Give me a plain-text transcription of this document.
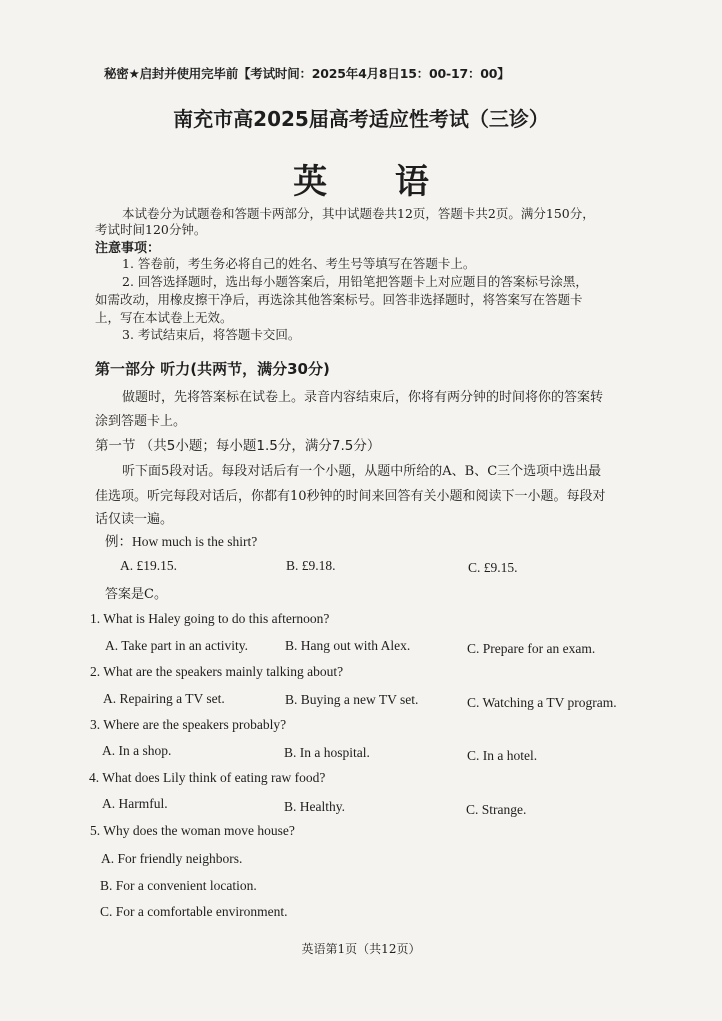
秘密★启封并使用完毕前【考试时间：2025年4月8日15：00-17：00】
南充市高2025届高考适应性考试（三诊）
英 语
本试卷分为试题卷和答题卡两部分，其中试题卷共12页，答题卡共2页。满分150分，
考试时间120分钟。
注意事项：
1. 答卷前，考生务必将自己的姓名、考生号等填写在答题卡上。
2. 回答选择题时，选出每小题答案后，用铅笔把答题卡上对应题目的答案标号涂黑，
如需改动，用橡皮擦干净后，再选涂其他答案标号。回答非选择题时，将答案写在答题卡
上，写在本试卷上无效。
3. 考试结束后，将答题卡交回。
第一部分 听力(共两节，满分30分)
做题时，先将答案标在试卷上。录音内容结束后，你将有两分钟的时间将你的答案转
涂到答题卡上。
第一节 （共5小题；每小题1.5分，满分7.5分）
听下面5段对话。每段对话后有一个小题，从题中所给的A、B、C三个选项中选出最
佳选项。听完每段对话后，你都有10秒钟的时间来回答有关小题和阅读下一小题。每段对
话仅读一遍。
例：How much is the shirt?
A. £19.15.	B. £9.18.	C. £9.15.
答案是C。
1. What is Haley going to do this afternoon?
A. Take part in an activity.	B. Hang out with Alex.	C. Prepare for an exam.
2. What are the speakers mainly talking about?
A. Repairing a TV set.	B. Buying a new TV set.	C. Watching a TV program.
3. Where are the speakers probably?
A. In a shop.	B. In a hospital.	C. In a hotel.
4. What does Lily think of eating raw food?
A. Harmful.	B. Healthy.	C. Strange.
5. Why does the woman move house?
A. For friendly neighbors.
B. For a convenient location.
C. For a comfortable environment.
英语第1页（共12页）
